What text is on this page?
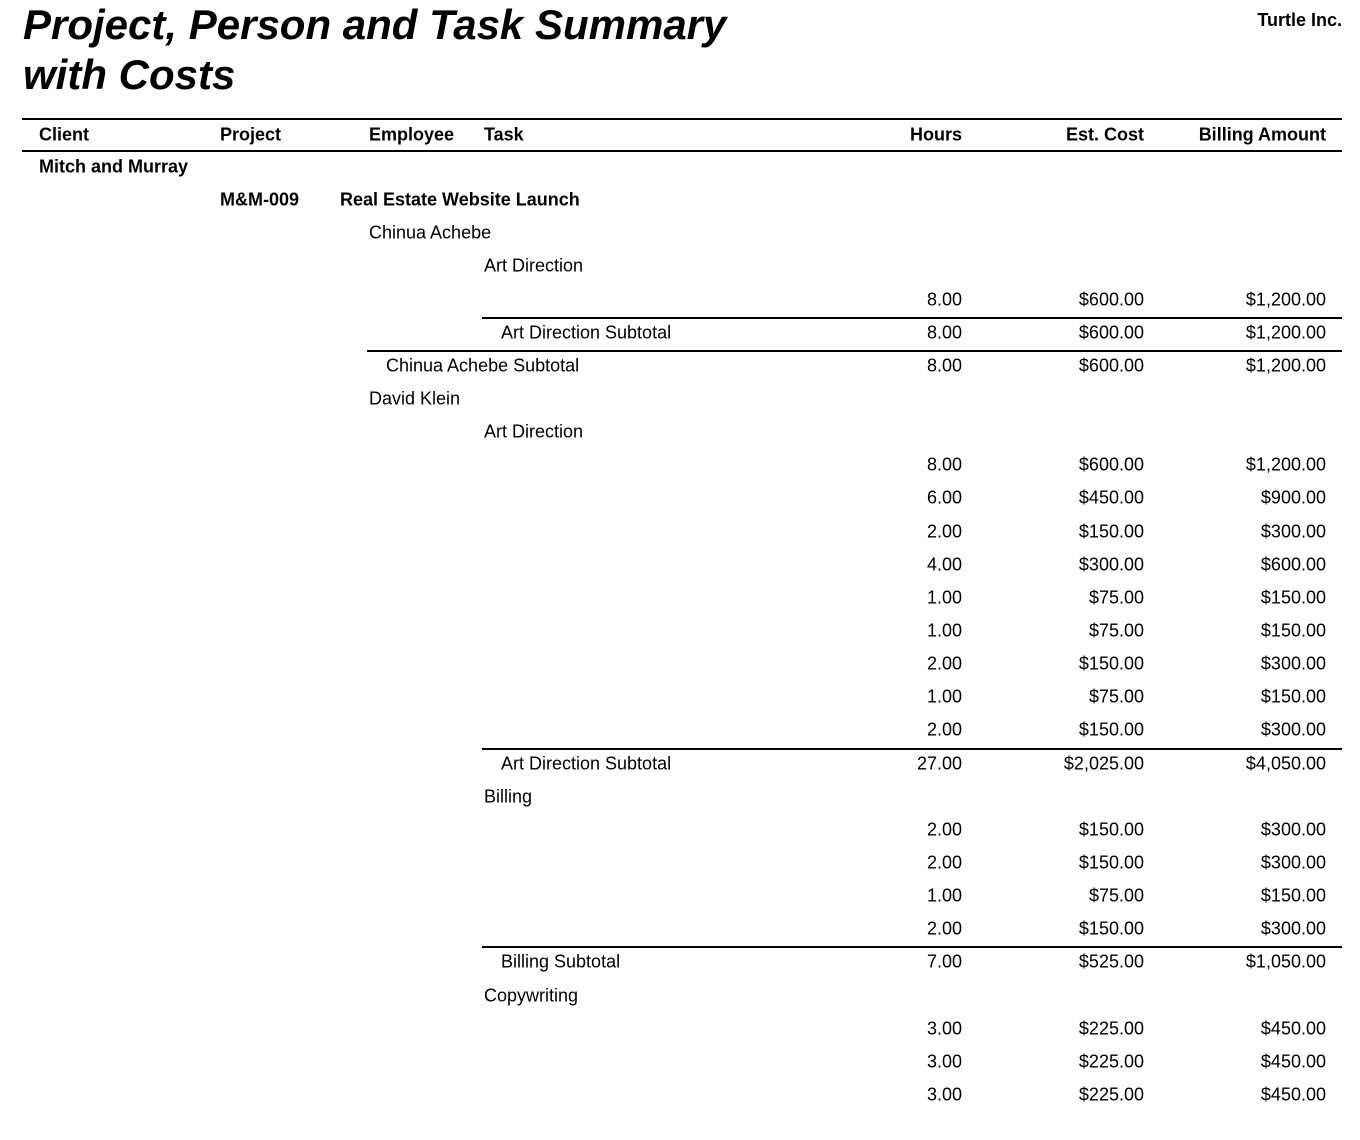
Project, Person and Task Summary
with Costs
Turtle Inc.
Client	Project	Employee Task	Hours	Est. Cost	Billing Amount
Mitch and Murray
M&M-009 Real Estate Website Launch
Chinua Achebe
Art Direction
8.00	$600.00	$1,200.00
Art Direction Subtotal	8.00	$600.00	$1,200.00
Chinua Achebe Subtotal	8.00	$600.00	$1,200.00
David Klein
Art Direction
8.00	$600.00	$1,200.00
6.00	$450.00	$900.00
2.00	$150.00	$300.00
4.00	$300.00	$600.00
1.00	$75.00	$150.00
1.00	$75.00	$150.00
2.00	$150.00	$300.00
1.00	$75.00	$150.00
2.00	$150.00	$300.00
Art Direction Subtotal	27.00	$2,025.00	$4,050.00
Billing
2.00	$150.00	$300.00
2.00	$150.00	$300.00
1.00	$75.00	$150.00
2.00	$150.00	$300.00
Billing Subtotal	7.00	$525.00	$1,050.00
Copywriting
3.00	$225.00	$450.00
3.00	$225.00	$450.00
3.00	$225.00	$450.00
